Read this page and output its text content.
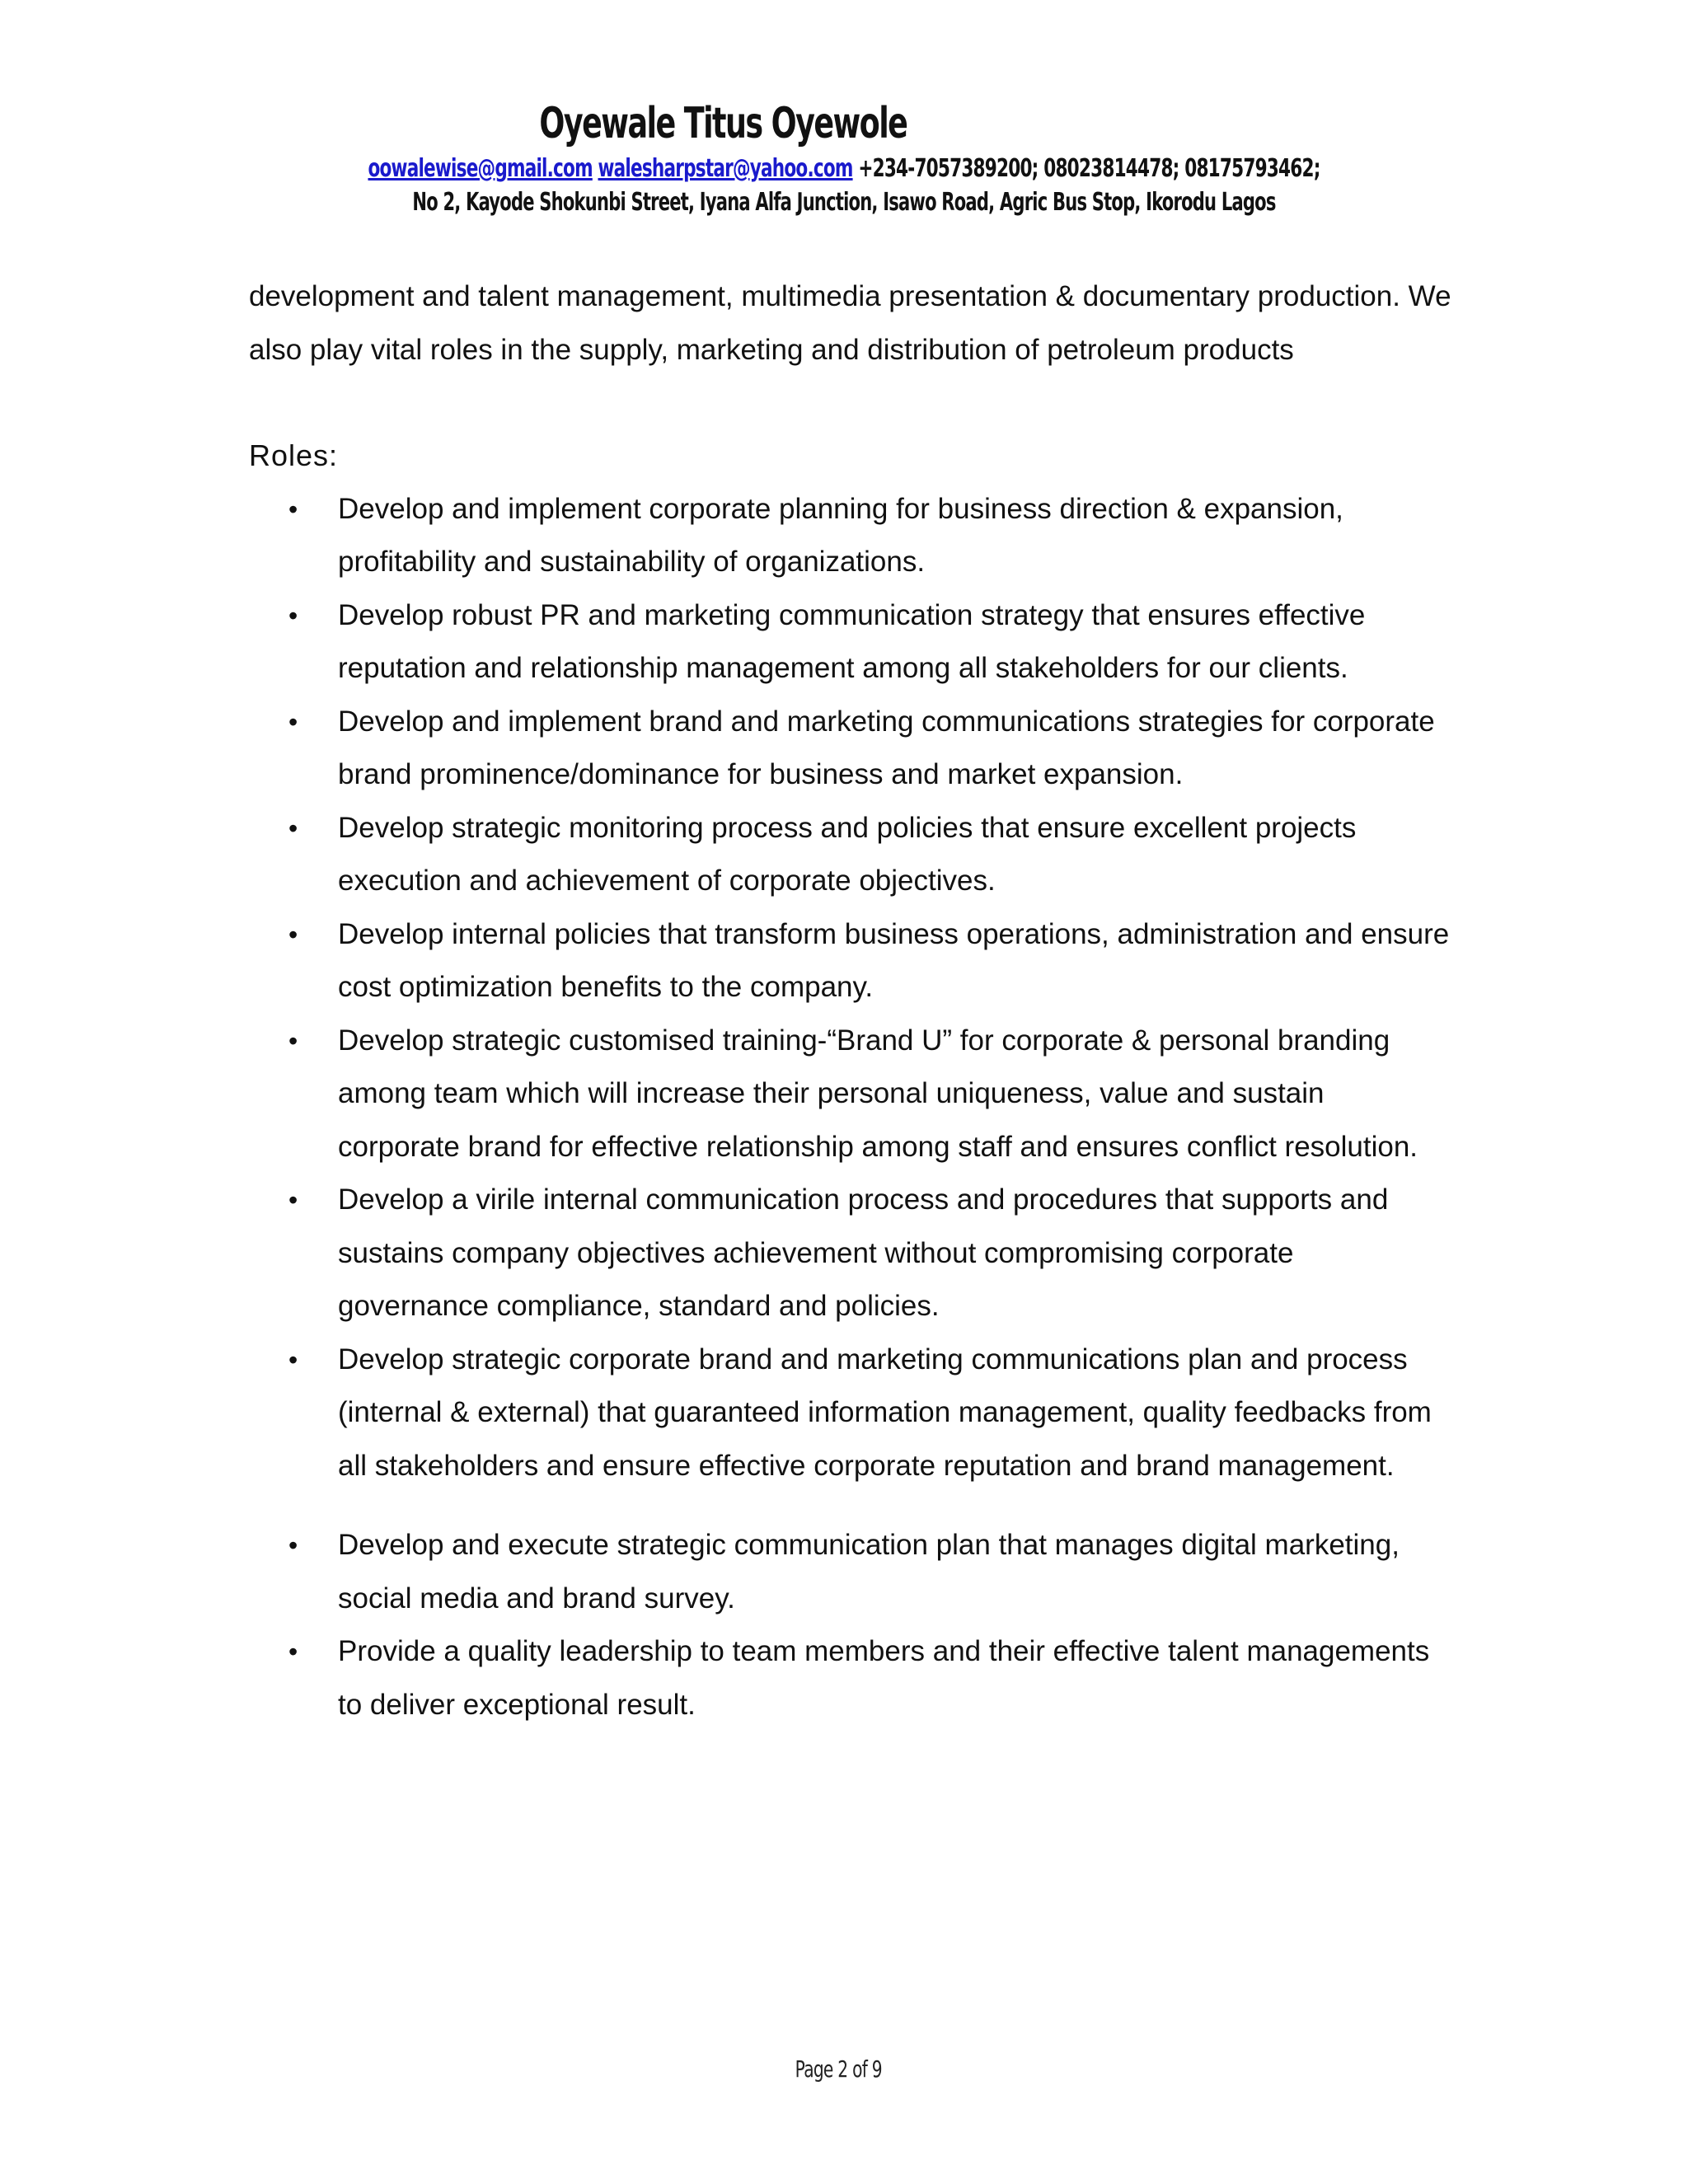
Oyewale Titus Oyewole
oowalewise@gmail.com walesharpstar@yahoo.com +234-7057389200; 08023814478; 08175793462;
No 2, Kayode Shokunbi Street, Iyana Alfa Junction, Isawo Road, Agric Bus Stop, Ikorodu Lagos

development and talent management, multimedia presentation & documentary production. We also play vital roles in the supply, marketing and distribution of petroleum products

Roles:
• Develop and implement corporate planning for business direction & expansion, profitability and sustainability of organizations.
• Develop robust PR and marketing communication strategy that ensures effective reputation and relationship management among all stakeholders for our clients.
• Develop and implement brand and marketing communications strategies for corporate brand prominence/dominance for business and market expansion.
• Develop strategic monitoring process and policies that ensure excellent projects execution and achievement of corporate objectives.
• Develop internal policies that transform business operations, administration and ensure cost optimization benefits to the company.
• Develop strategic customised training-“Brand U” for corporate & personal branding among team which will increase their personal uniqueness, value and sustain corporate brand for effective relationship among staff and ensures conflict resolution.
• Develop a virile internal communication process and procedures that supports and sustains company objectives achievement without compromising corporate governance compliance, standard and policies.
• Develop strategic corporate brand and marketing communications plan and process (internal & external) that guaranteed information management, quality feedbacks from all stakeholders and ensure effective corporate reputation and brand management.
• Develop and execute strategic communication plan that manages digital marketing, social media and brand survey.
• Provide a quality leadership to team members and their effective talent managements to deliver exceptional result.
Page 2 of 9
